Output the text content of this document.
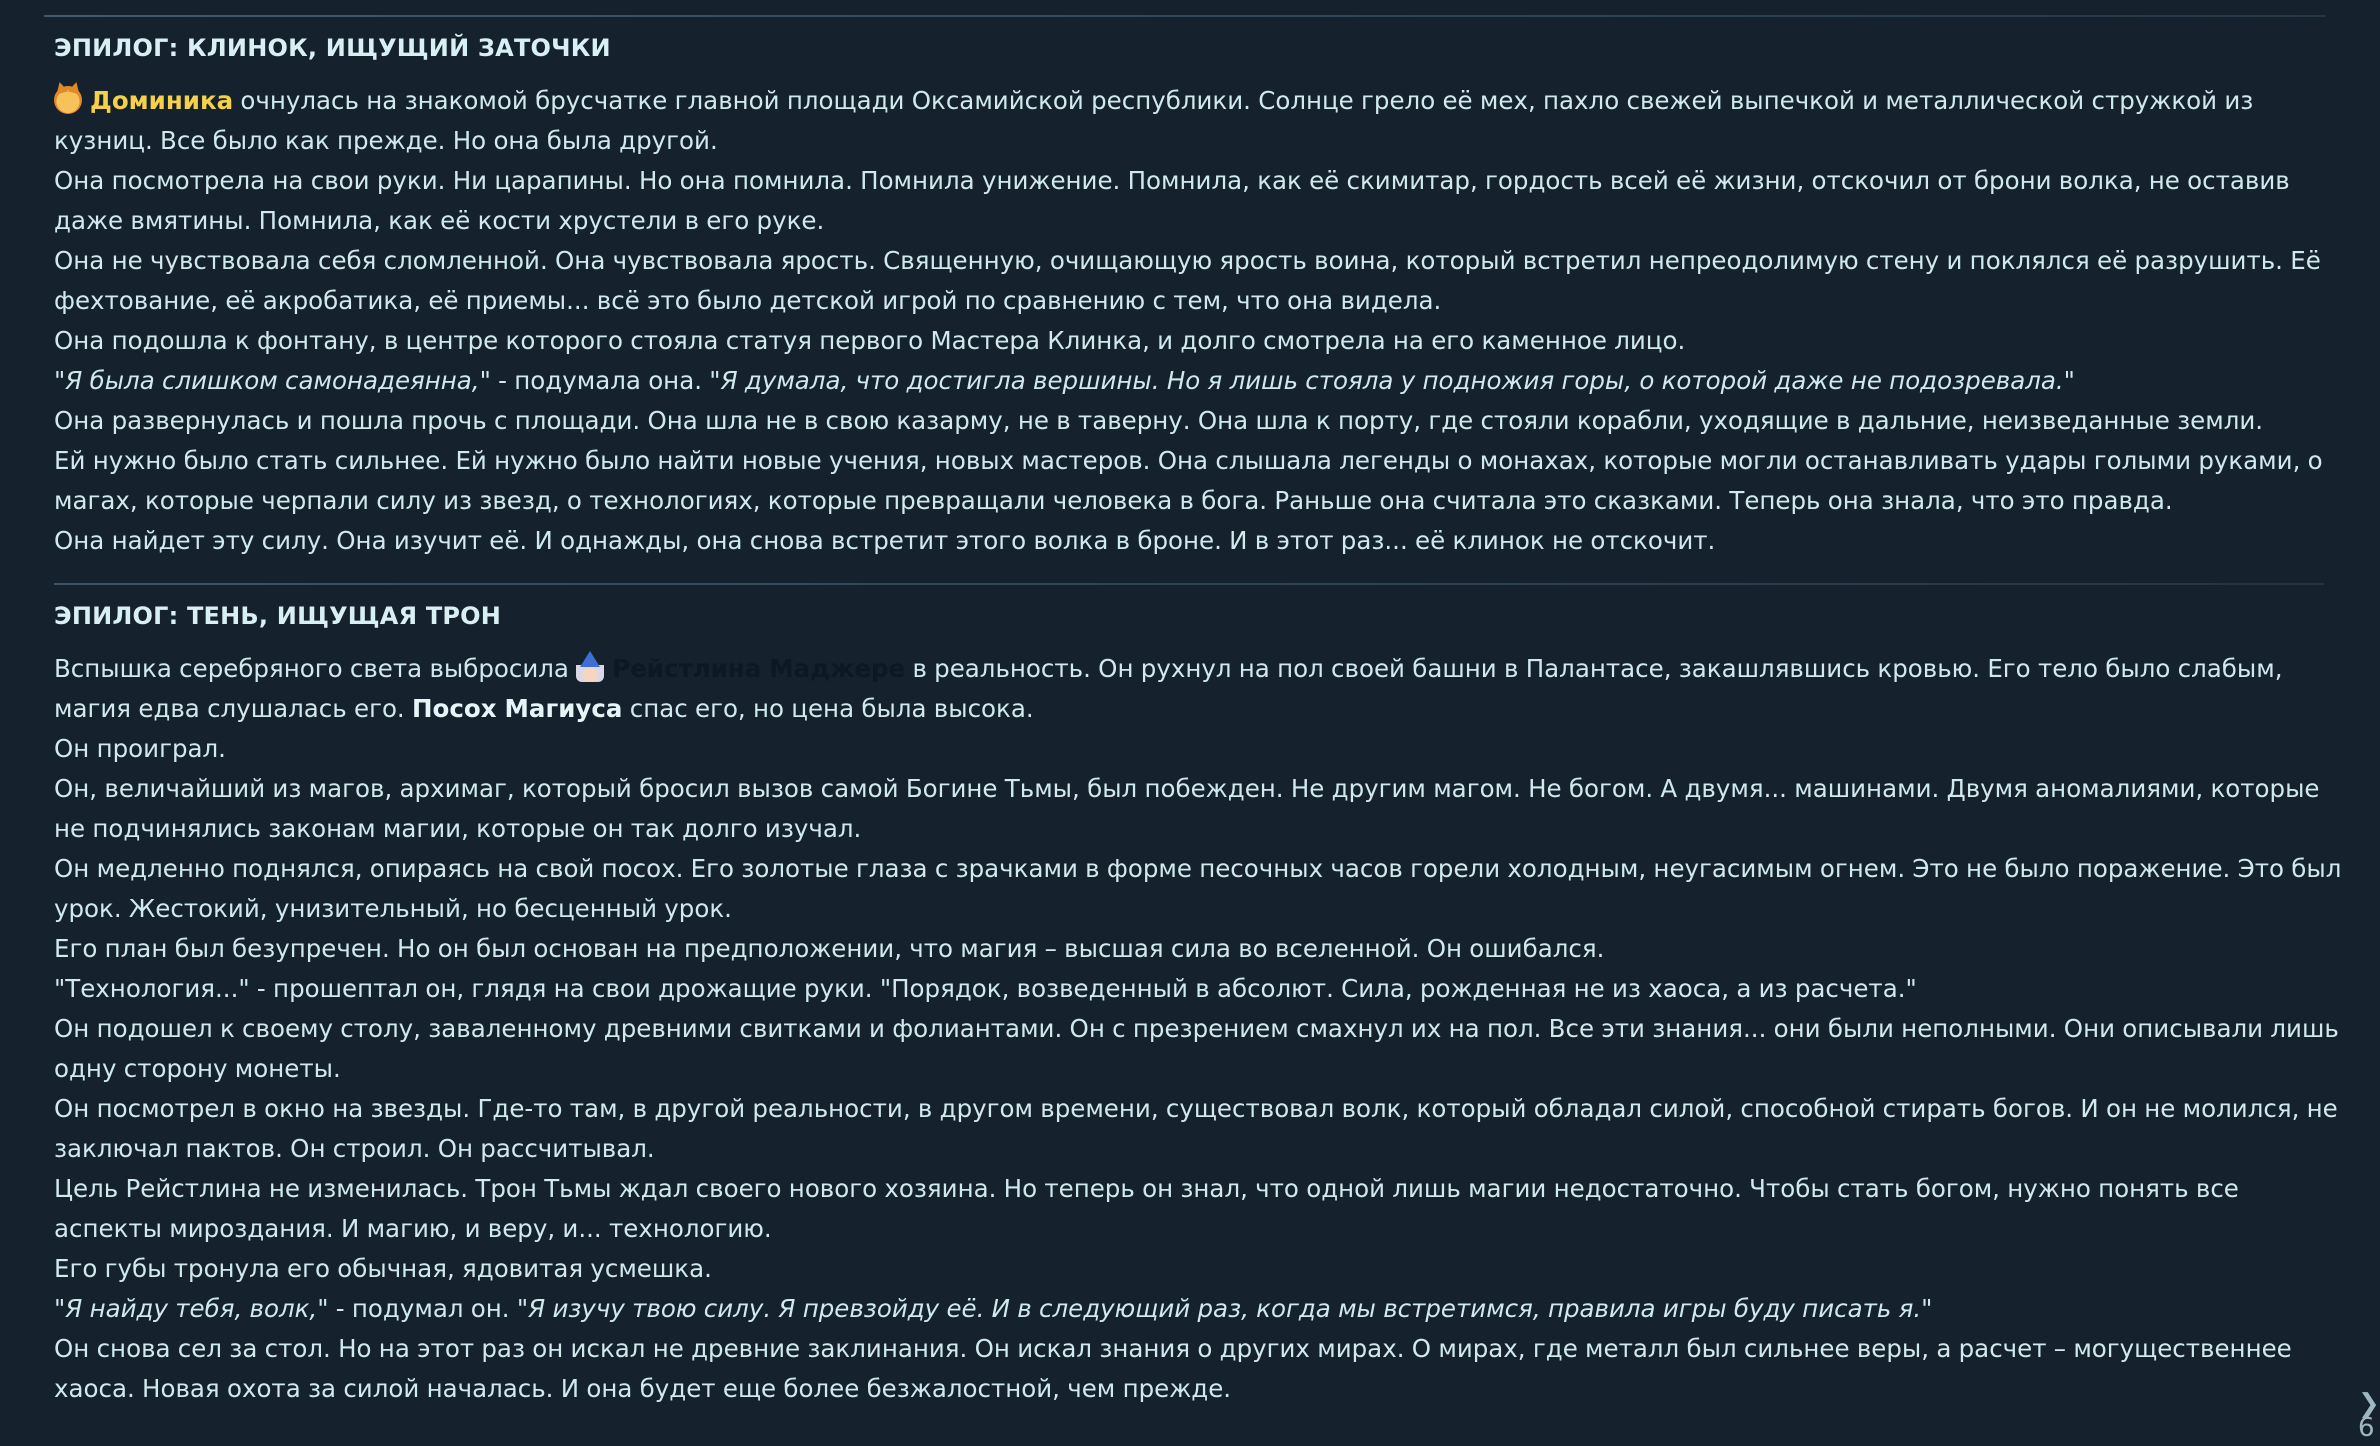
ЭПИЛОГ: КЛИНОК, ИЩУЩИЙ ЗАТОЧКИ

Доминика очнулась на знакомой брусчатке главной площади Оксамийской республики. Солнце грело её мех, пахло свежей выпечкой и металлической стружкой из кузниц. Все было как прежде. Но она была другой.

Она посмотрела на свои руки. Ни царапины. Но она помнила. Помнила унижение. Помнила, как её скимитар, гордость всей её жизни, отскочил от брони волка, не оставив даже вмятины. Помнила, как её кости хрустели в его руке.

Она не чувствовала себя сломленной. Она чувствовала ярость. Священную, очищающую ярость воина, который встретил непреодолимую стену и поклялся её разрушить. Её фехтование, её акробатика, её приемы... всё это было детской игрой по сравнению с тем, что она видела.

Она подошла к фонтану, в центре которого стояла статуя первого Мастера Клинка, и долго смотрела на его каменное лицо.

"Я была слишком самонадеянна," - подумала она. "Я думала, что достигла вершины. Но я лишь стояла у подножия горы, о которой даже не подозревала."

Она развернулась и пошла прочь с площади. Она шла не в свою казарму, не в таверну. Она шла к порту, где стояли корабли, уходящие в дальние, неизведанные земли.

Ей нужно было стать сильнее. Ей нужно было найти новые учения, новых мастеров. Она слышала легенды о монахах, которые могли останавливать удары голыми руками, о магах, которые черпали силу из звезд, о технологиях, которые превращали человека в бога. Раньше она считала это сказками. Теперь она знала, что это правда.

Она найдет эту силу. Она изучит её. И однажды, она снова встретит этого волка в броне. И в этот раз... её клинок не отскочит.

ЭПИЛОГ: ТЕНЬ, ИЩУЩАЯ ТРОН

Вспышка серебряного света выбросила Рейстлина Маджере в реальность. Он рухнул на пол своей башни в Палантасе, закашлявшись кровью. Его тело было слабым, магия едва слушалась его. Посох Магиуса спас его, но цена была высока.

Он проиграл.

Он, величайший из магов, архимаг, который бросил вызов самой Богине Тьмы, был побежден. Не другим магом. Не богом. А двумя... машинами. Двумя аномалиями, которые не подчинялись законам магии, которые он так долго изучал.

Он медленно поднялся, опираясь на свой посох. Его золотые глаза с зрачками в форме песочных часов горели холодным, неугасимым огнем. Это не было поражение. Это был урок. Жестокий, унизительный, но бесценный урок.

Его план был безупречен. Но он был основан на предположении, что магия – высшая сила во вселенной. Он ошибался.

"Технология..." - прошептал он, глядя на свои дрожащие руки. "Порядок, возведенный в абсолют. Сила, рожденная не из хаоса, а из расчета."

Он подошел к своему столу, заваленному древними свитками и фолиантами. Он с презрением смахнул их на пол. Все эти знания... они были неполными. Они описывали лишь одну сторону монеты.

Он посмотрел в окно на звезды. Где-то там, в другой реальности, в другом времени, существовал волк, который обладал силой, способной стирать богов. И он не молился, не заключал пактов. Он строил. Он рассчитывал.

Цель Рейстлина не изменилась. Трон Тьмы ждал своего нового хозяина. Но теперь он знал, что одной лишь магии недостаточно. Чтобы стать богом, нужно понять все аспекты мироздания. И магию, и веру, и... технологию.

Его губы тронула его обычная, ядовитая усмешка.

"Я найду тебя, волк," - подумал он. "Я изучу твою силу. Я превзойду её. И в следующий раз, когда мы встретимся, правила игры буду писать я."

Он снова сел за стол. Но на этот раз он искал не древние заклинания. Он искал знания о других мирах. О мирах, где металл был сильнее веры, а расчет – могущественнее хаоса. Новая охота за силой началась. И она будет еще более безжалостной, чем прежде.

❯6
